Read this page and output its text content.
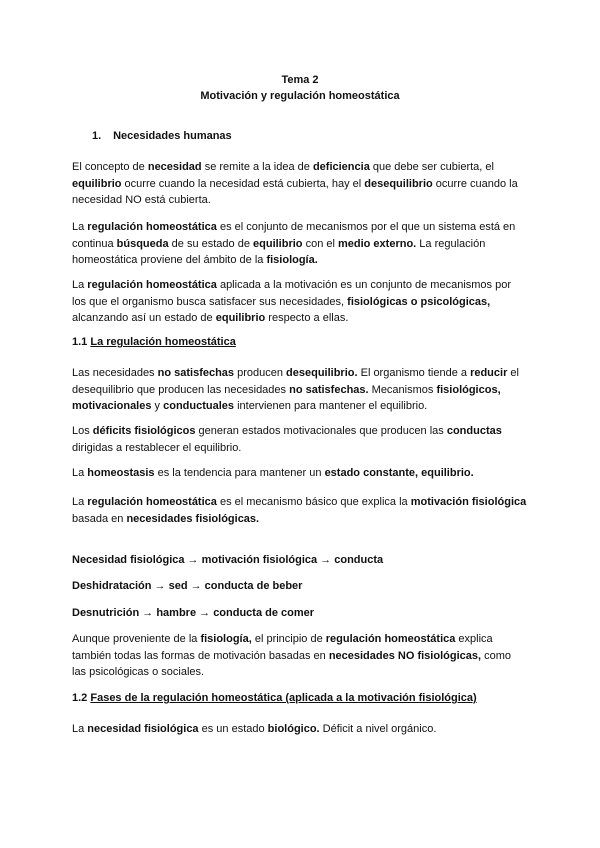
Tema 2
Motivación y regulación homeostática
1. Necesidades humanas

El concepto de necesidad se remite a la idea de deficiencia que debe ser cubierta, el equilibrio ocurre cuando la necesidad está cubierta, hay el desequilibrio ocurre cuando la necesidad NO está cubierta.

La regulación homeostática es el conjunto de mecanismos por el que un sistema está en continua búsqueda de su estado de equilibrio con el medio externo. La regulación homeostática proviene del ámbito de la fisiología.

La regulación homeostática aplicada a la motivación es un conjunto de mecanismos por los que el organismo busca satisfacer sus necesidades, fisiológicas o psicológicas, alcanzando así un estado de equilibrio respecto a ellas.

1.1 La regulación homeostática

Las necesidades no satisfechas producen desequilibrio. El organismo tiende a reducir el desequilibrio que producen las necesidades no satisfechas. Mecanismos fisiológicos, motivacionales y conductuales intervienen para mantener el equilibrio.

Los déficits fisiológicos generan estados motivacionales que producen las conductas dirigidas a restablecer el equilibrio.

La homeostasis es la tendencia para mantener un estado constante, equilibrio.

La regulación homeostática es el mecanismo básico que explica la motivación fisiológica basada en necesidades fisiológicas.

Necesidad fisiológica → motivación fisiológica → conducta

Deshidratación → sed → conducta de beber

Desnutrición → hambre → conducta de comer

Aunque proveniente de la fisiología, el principio de regulación homeostática explica también todas las formas de motivación basadas en necesidades NO fisiológicas, como las psicológicas o sociales.

1.2 Fases de la regulación homeostática (aplicada a la motivación fisiológica)

La necesidad fisiológica es un estado biológico. Déficit a nivel orgánico.
